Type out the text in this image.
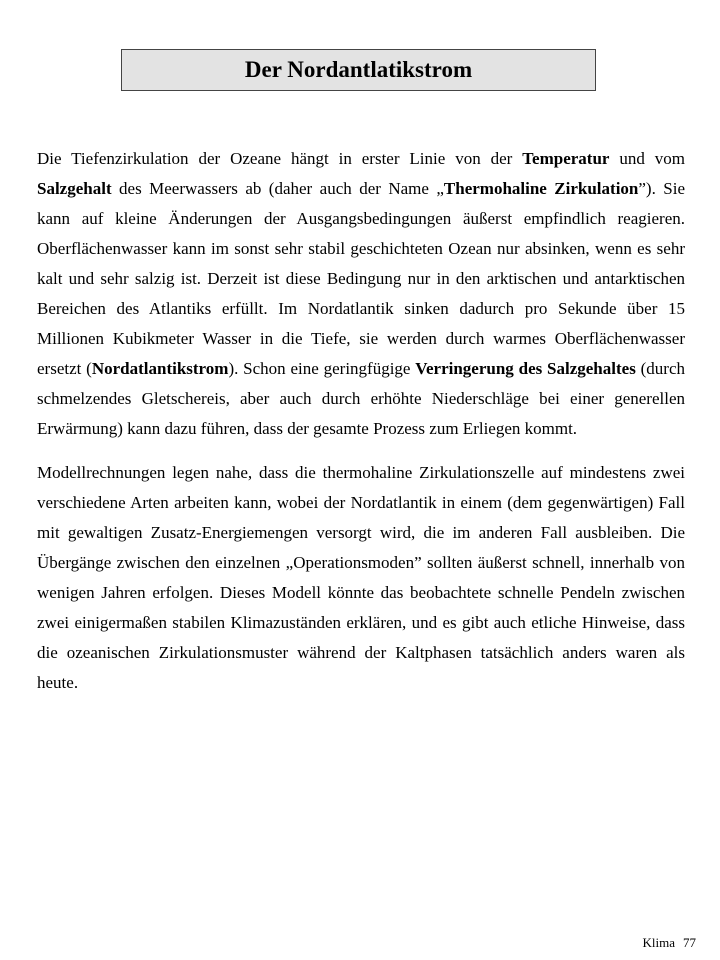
Der Nordantlatikstrom

Die Tiefenzirkulation der Ozeane hängt in erster Linie von der Temperatur und vom Salzgehalt des Meerwassers ab (daher auch der Name „Thermohaline Zirkulation”). Sie kann auf kleine Änderungen der Ausgangsbedingungen äußerst empfindlich reagieren. Oberflächenwasser kann im sonst sehr stabil geschichteten Ozean nur absinken, wenn es sehr kalt und sehr salzig ist. Derzeit ist diese Bedingung nur in den arktischen und antarktischen Bereichen des Atlantiks erfüllt. Im Nordatlantik sinken dadurch pro Sekunde über 15 Millionen Kubikmeter Wasser in die Tiefe, sie werden durch warmes Oberflächenwasser ersetzt (Nordatlantikstrom). Schon eine geringfügige Verringerung des Salzgehaltes (durch schmelzendes Gletschereis, aber auch durch erhöhte Niederschläge bei einer generellen Erwärmung) kann dazu führen, dass der gesamte Prozess zum Erliegen kommt.

Modellrechnungen legen nahe, dass die thermohaline Zirkulationszelle auf mindestens zwei verschiedene Arten arbeiten kann, wobei der Nordatlantik in einem (dem gegenwärtigen) Fall mit gewaltigen Zusatz-Energiemengen versorgt wird, die im anderen Fall ausbleiben. Die Übergänge zwischen den einzelnen „Operationsmoden” sollten äußerst schnell, innerhalb von wenigen Jahren erfolgen. Dieses Modell könnte das beobachtete schnelle Pendeln zwischen zwei einigermaßen stabilen Klimazuständen erklären, und es gibt auch etliche Hinweise, dass die ozeanischen Zirkulationsmuster während der Kaltphasen tatsächlich anders waren als heute.

Klima 77
